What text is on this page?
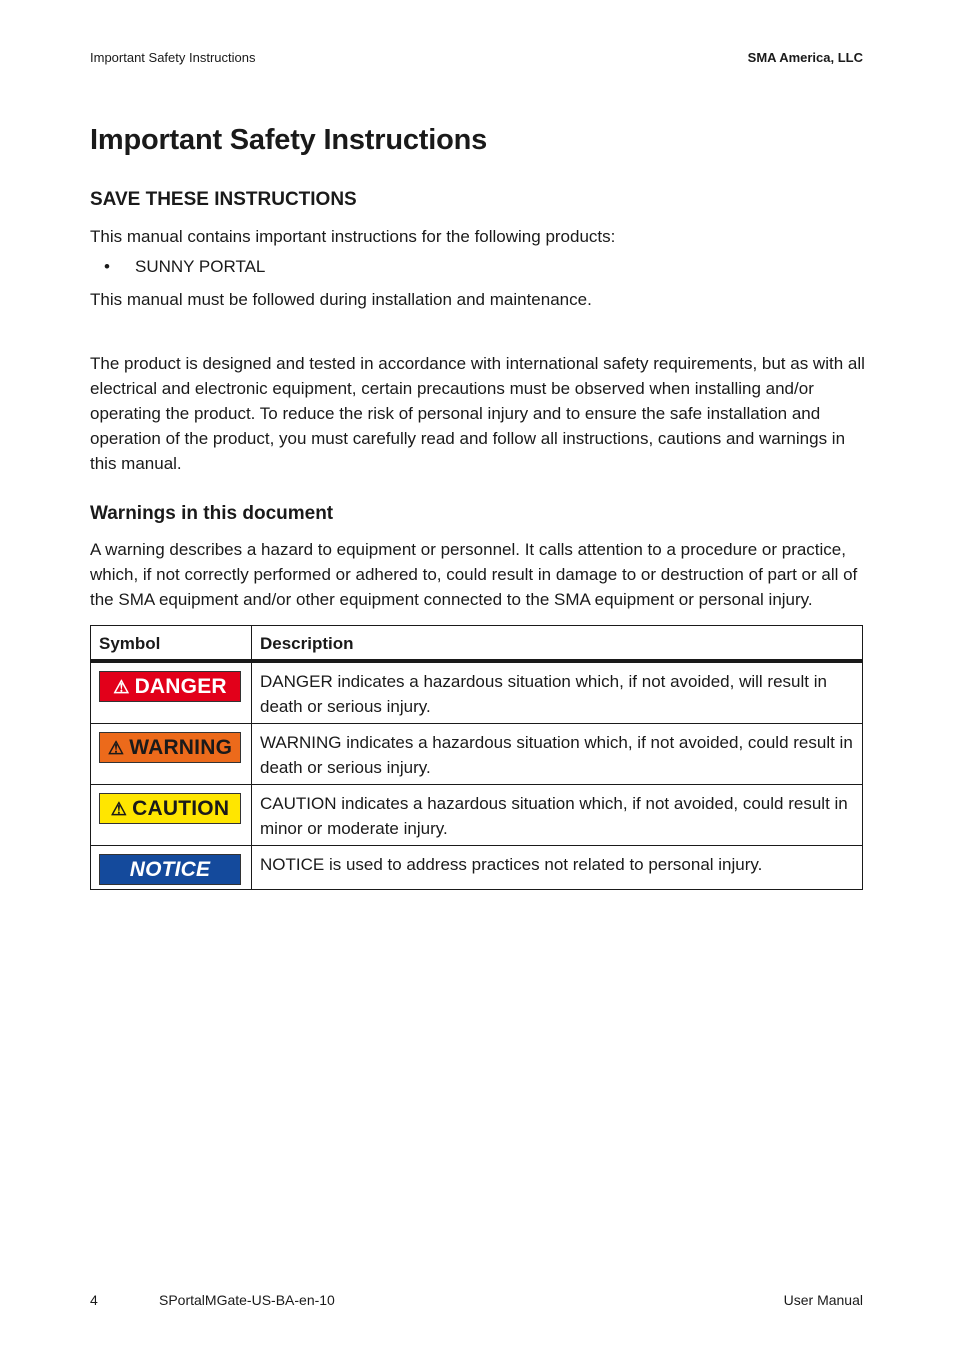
Important Safety Instructions	SMA America, LLC
Important Safety Instructions
SAVE THESE INSTRUCTIONS

This manual contains important instructions for the following products:

• SUNNY PORTAL

This manual must be followed during installation and maintenance.

The product is designed and tested in accordance with international safety requirements, but as with all electrical and electronic equipment, certain precautions must be observed when installing and/or operating the product. To reduce the risk of personal injury and to ensure the safe installation and operation of the product, you must carefully read and follow all instructions, cautions and warnings in this manual.

Warnings in this document

A warning describes a hazard to equipment or personnel. It calls attention to a procedure or practice, which, if not correctly performed or adhered to, could result in damage to or destruction of part or all of the SMA equipment and/or other equipment connected to the SMA equipment or personal injury.

Symbol	Description

⚠ DANGER	DANGER indicates a hazardous situation which, if not avoided, will result in death or serious injury.

⚠ WARNING	WARNING indicates a hazardous situation which, if not avoided, could result in death or serious injury.

⚠ CAUTION	CAUTION indicates a hazardous situation which, if not avoided, could result in minor or moderate injury.

NOTICE	NOTICE is used to address practices not related to personal injury.
4	SPortalMGate-US-BA-en-10	User Manual
